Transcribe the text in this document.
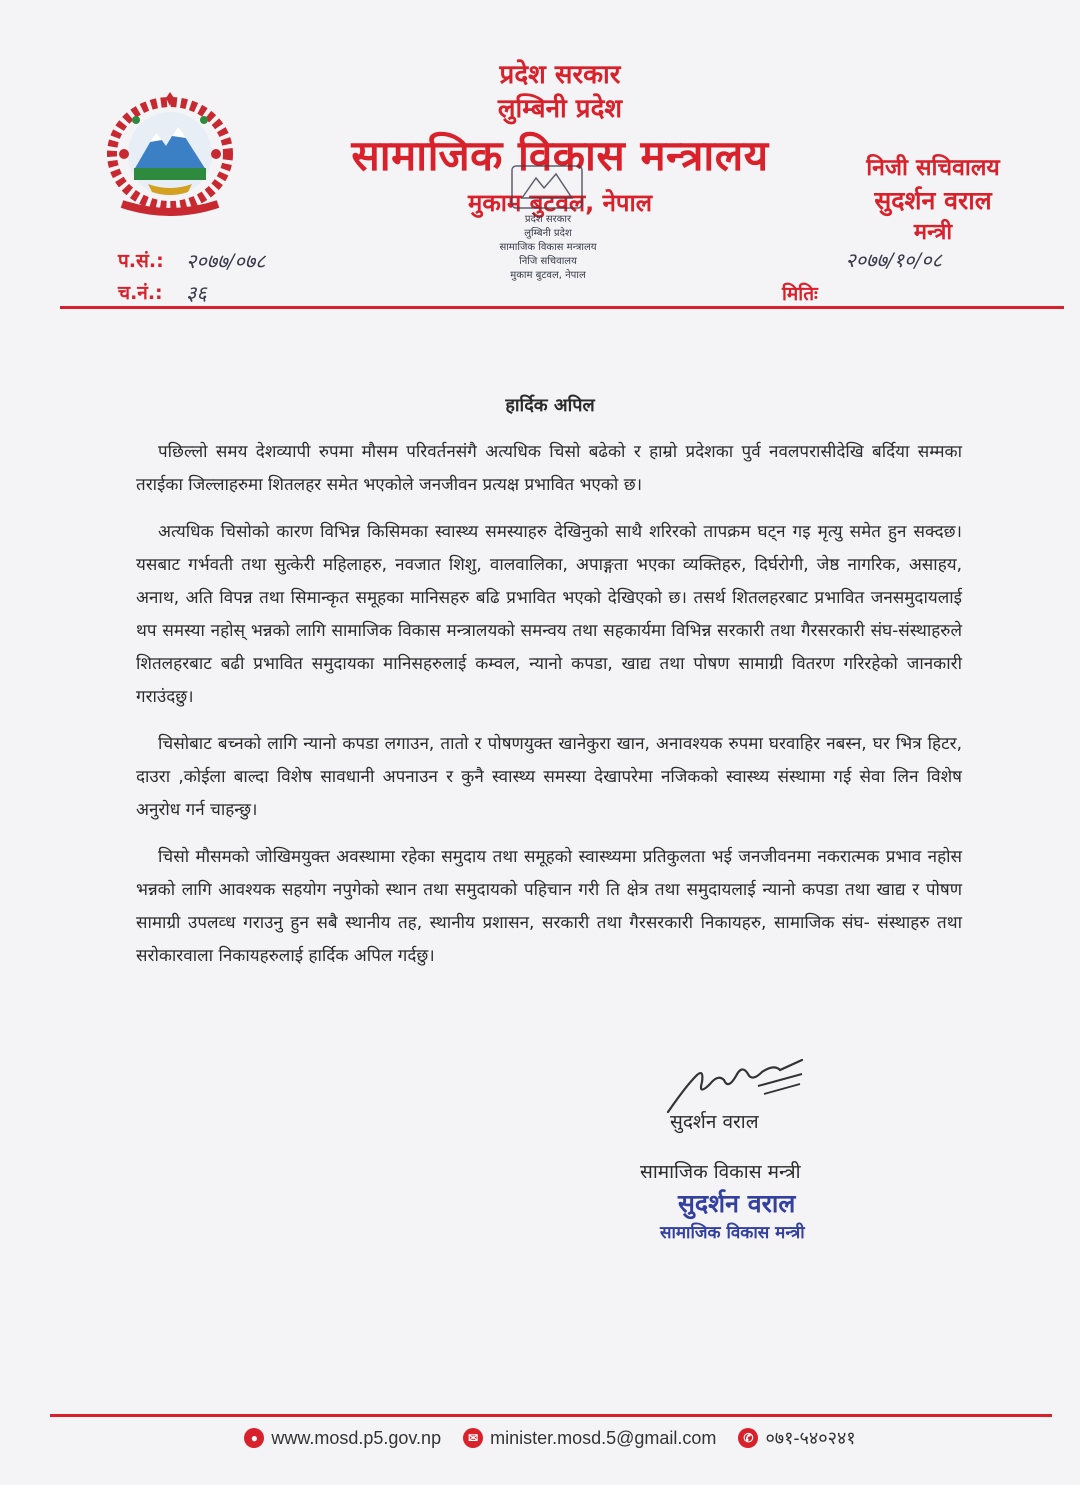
प्रदेश सरकार
लुम्बिनी प्रदेश
सामाजिक विकास मन्त्रालय
मुकाम बुटवल, नेपाल
निजी सचिवालय
सुदर्शन वराल
मन्त्री
प.सं.:	२०७७/०७८
च.नं.:	३६
२०७७/१०/०८
मितिः
प्रदेश सरकार
लुम्बिनी प्रदेश
सामाजिक विकास मन्त्रालय
निजि सचिवालय
मुकाम बुटवल, नेपाल
हार्दिक अपिल

पछिल्लो समय देशव्यापी रुपमा मौसम परिवर्तनसंगै अत्यधिक चिसो बढेको र हाम्रो प्रदेशका पुर्व नवलपरासीदेखि बर्दिया सम्मका तराईका जिल्लाहरुमा शितलहर समेत भएकोले जनजीवन प्रत्यक्ष प्रभावित भएको छ।

अत्यधिक चिसोको कारण विभिन्न किसिमका स्वास्थ्य समस्याहरु देखिनुको साथै शरिरको तापक्रम घट्न गइ मृत्यु समेत हुन सक्दछ। यसबाट गर्भवती तथा सुत्केरी महिलाहरु, नवजात शिशु, वालवालिका, अपाङ्गता भएका व्यक्तिहरु, दिर्घरोगी, जेष्ठ नागरिक, असाहय, अनाथ, अति विपन्न तथा सिमान्कृत समूहका मानिसहरु बढि प्रभावित भएको देखिएको छ। तसर्थ शितलहरबाट प्रभावित जनसमुदायलाई थप समस्या नहोस् भन्नको लागि सामाजिक विकास मन्त्रालयको समन्वय तथा सहकार्यमा विभिन्न सरकारी तथा गैरसरकारी संघ-संस्थाहरुले शितलहरबाट बढी प्रभावित समुदायका मानिसहरुलाई कम्वल, न्यानो कपडा, खाद्य तथा पोषण सामाग्री वितरण गरिरहेको जानकारी गराउंदछु।

चिसोबाट बच्नको लागि न्यानो कपडा लगाउन, तातो र पोषणयुक्त खानेकुरा खान, अनावश्यक रुपमा घरवाहिर नबस्न, घर भित्र हिटर, दाउरा ,कोईला बाल्दा विशेष सावधानी अपनाउन र कुनै स्वास्थ्य समस्या देखापरेमा नजिकको स्वास्थ्य संस्थामा गई सेवा लिन विशेष अनुरोध गर्न चाहन्छु।

चिसो मौसमको जोखिमयुक्त अवस्थामा रहेका समुदाय तथा समूहको स्वास्थ्यमा प्रतिकुलता भई जनजीवनमा नकरात्मक प्रभाव नहोस भन्नको लागि आवश्यक सहयोग नपुगेको स्थान तथा समुदायको पहिचान गरी ति क्षेत्र तथा समुदायलाई न्यानो कपडा तथा खाद्य र पोषण सामाग्री उपलव्ध गराउनु हुन सबै स्थानीय तह, स्थानीय प्रशासन, सरकारी तथा गैरसरकारी निकायहरु, सामाजिक संघ- संस्थाहरु तथा सरोकारवाला निकायहरुलाई हार्दिक अपिल गर्दछु।

सुदर्शन वराल
सामाजिक विकास मन्त्री
सुदर्शन वराल
सामाजिक विकास मन्त्री
● www.mosd.p5.gov.np	✉ minister.mosd.5@gmail.com	✆ ०७१-५४०२४१
